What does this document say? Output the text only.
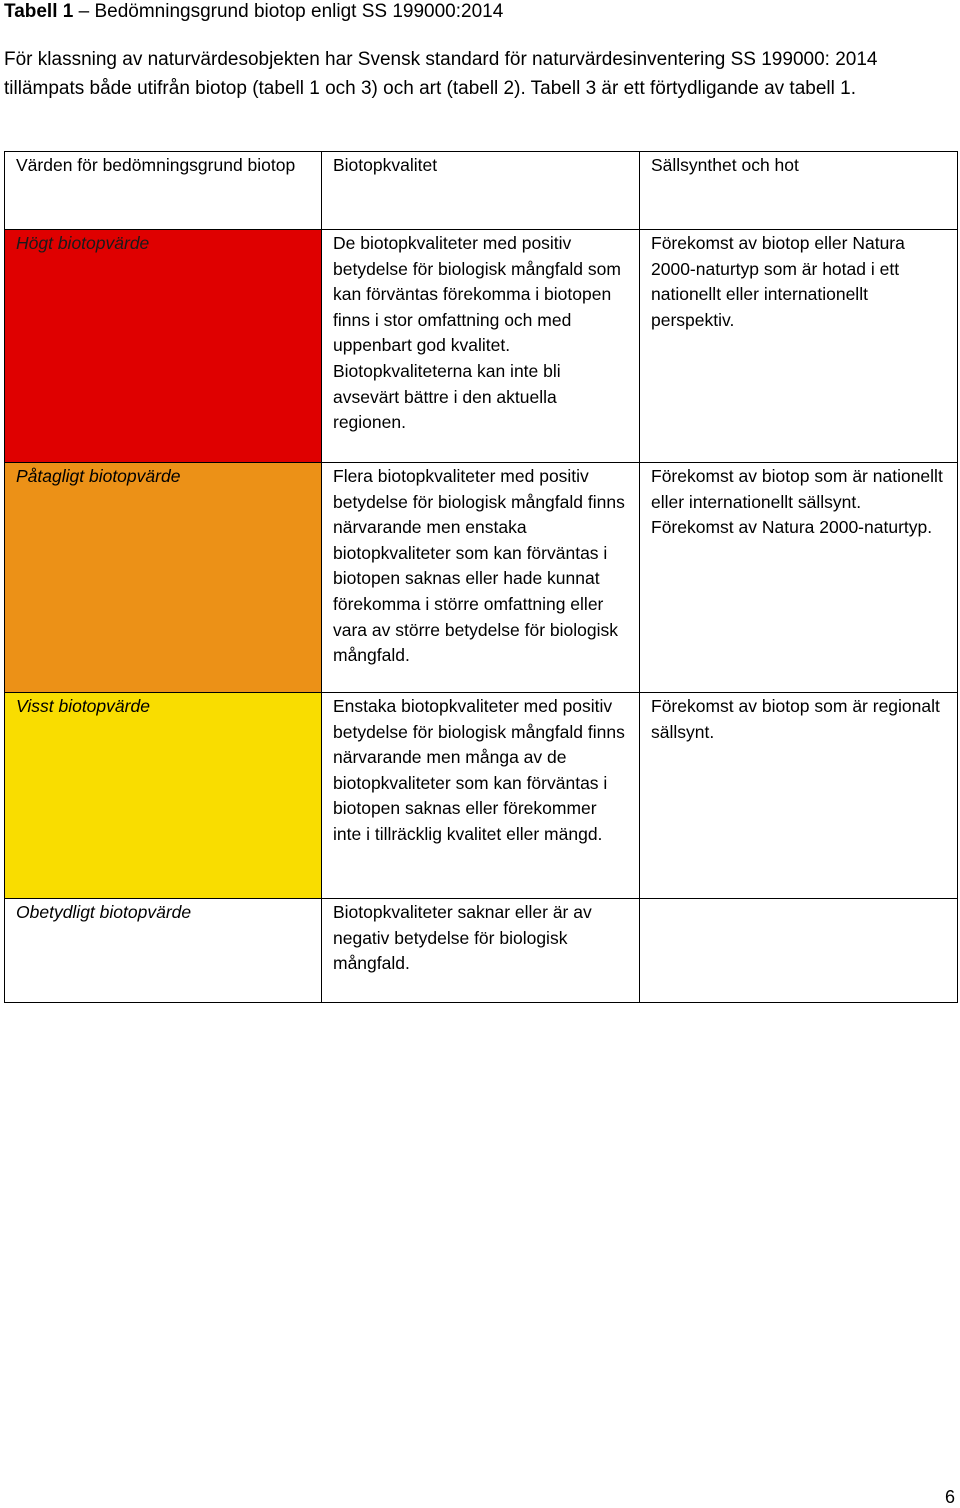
Tabell 1 – Bedömningsgrund biotop enligt SS 199000:2014
För klassning av naturvärdesobjekten har Svensk standard för naturvärdesinventering SS 199000: 2014 tillämpats både utifrån biotop (tabell 1 och 3) och art (tabell 2). Tabell 3 är ett förtydligande av tabell 1.
Värden för bedömningsgrund biotop	Biotopkvalitet	Sällsynthet och hot
Högt biotopvärde	De biotopkvaliteter med positiv betydelse för biologisk mångfald som kan förväntas förekomma i biotopen finns i stor omfattning och med uppenbart god kvalitet. Biotopkvaliteterna kan inte bli avsevärt bättre i den aktuella regionen.	Förekomst av biotop eller Natura 2000-naturtyp som är hotad i ett nationellt eller internationellt perspektiv.

Påtagligt biotopvärde	Flera biotopkvaliteter med positiv betydelse för biologisk mångfald finns närvarande men enstaka biotopkvaliteter som kan förväntas i biotopen saknas eller hade kunnat förekomma i större omfattning eller vara av större betydelse för biologisk mångfald.	Förekomst av biotop som är nationellt eller internationellt sällsynt.
Förekomst av Natura 2000-naturtyp.

Visst biotopvärde	Enstaka biotopkvaliteter med positiv betydelse för biologisk mångfald finns närvarande men många av de biotopkvaliteter som kan förväntas i biotopen saknas eller förekommer inte i tillräcklig kvalitet eller mängd.	Förekomst av biotop som är regionalt sällsynt.

Obetydligt biotopvärde	Biotopkvaliteter saknar eller är av negativ betydelse för biologisk mångfald.	
6
